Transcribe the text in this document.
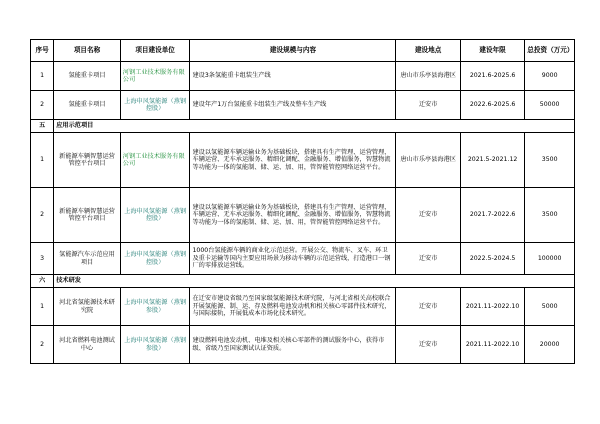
序号	项目名称	项目建设单位	建设规模与内容	建设地点	建设年限	总投资（万元）
1	氢能重卡项目	河钢工业技术服务有限公司	建设3条氢能重卡组装生产线	唐山市乐亭县海港区	2021.6-2025.6	9000
2	氢能重卡项目	上海申风氢能源（燕钢控股）	建设年产1万台氢能重卡组装生产线及整车生产线	迁安市	2022.6-2025.6	50000
五	应用示范项目					
1	新能源车辆智慧运营管控平台项目	河钢工业技术服务有限公司	建设以氢能源车辆运输业务为基础板块，搭建具有生产管理、运营管理、车辆运营、无车承运服务、精细化调配、金融服务、增值服务，智慧物流等功能为一体的氢能制、储、运、加、用，管智能管控网络运营平台。	唐山市乐亭县海港区	2021.5-2021.12	3500
2	新能源车辆智慧运营管控平台项目	上海申风氢能源（燕钢控股）	建设以氢能源车辆运输业务为基础板块，搭建具有生产管理、运营管理、车辆运营、无车承运服务、精细化调配、金融服务、增值服务，智慧物流等功能为一体的氢能制、储、运、加、用，管智能管控网络运营平台。	迁安市	2021.7-2022.6	3500
3	氢能源汽车示范应用项目	上海申风氢能源（燕钢控股）	1000台氢能源车辆的商业化示范运营。开展公交、物流车、叉车、环卫及重卡运输等国内主要应用场景为移动车辆的示范运营线，打造港口一钢厂的零排放运营线。	迁安市	2022.5-2024.5	100000
六	技术研发					
1	河北省氢能源技术研究院	上海申风氢能源（燕钢参股）	在迁安市建设省级乃至国家级氢能源技术研究院，与河北省相关高校联合开展氢能源、制、运、存及燃料电池发动机和相关核心零部件技术研究，与国际接轨，开展低成本市场化技术研究。	迁安市	2021.11-2022.10	5000
2	河北省燃料电池测试中心	上海申风氢能源（燕钢参股）	建设燃料电池发动机、电堆及相关核心零部件的测试服务中心，获得市级、省级乃至国家测试认证资质。	迁安市	2021.11-2022.10	20000
